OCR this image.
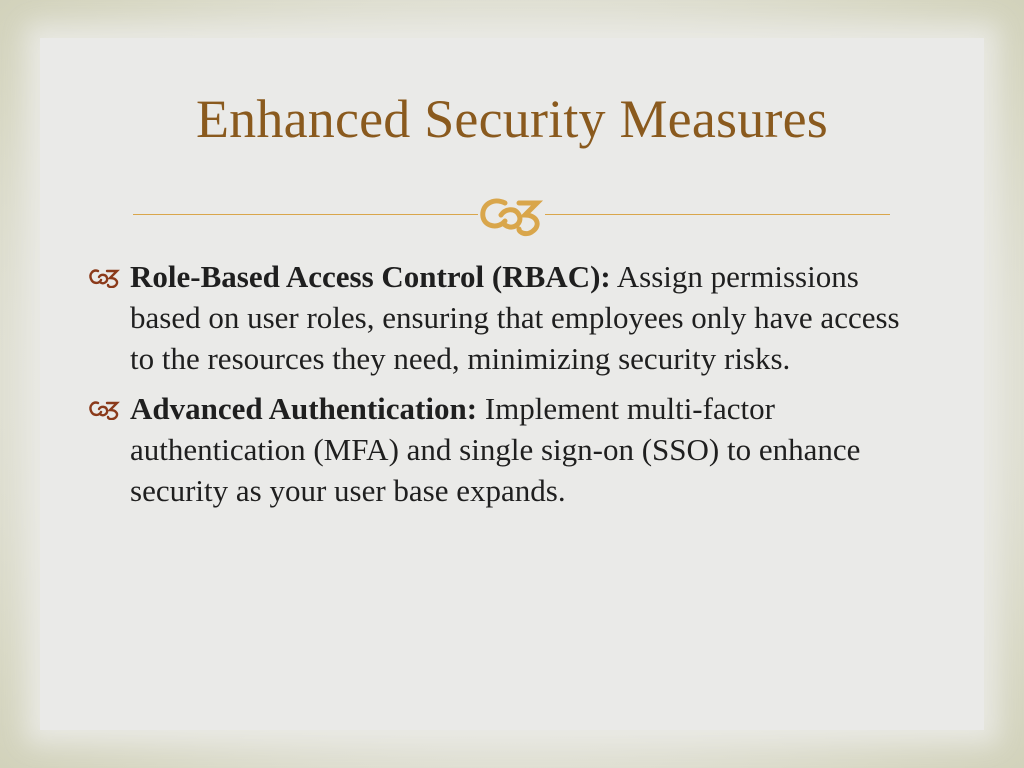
Enhanced Security Measures
Role-Based Access Control (RBAC): Assign permissions based on user roles, ensuring that employees only have access to the resources they need, minimizing security risks.
Advanced Authentication: Implement multi-factor authentication (MFA) and single sign-on (SSO) to enhance security as your user base expands.
